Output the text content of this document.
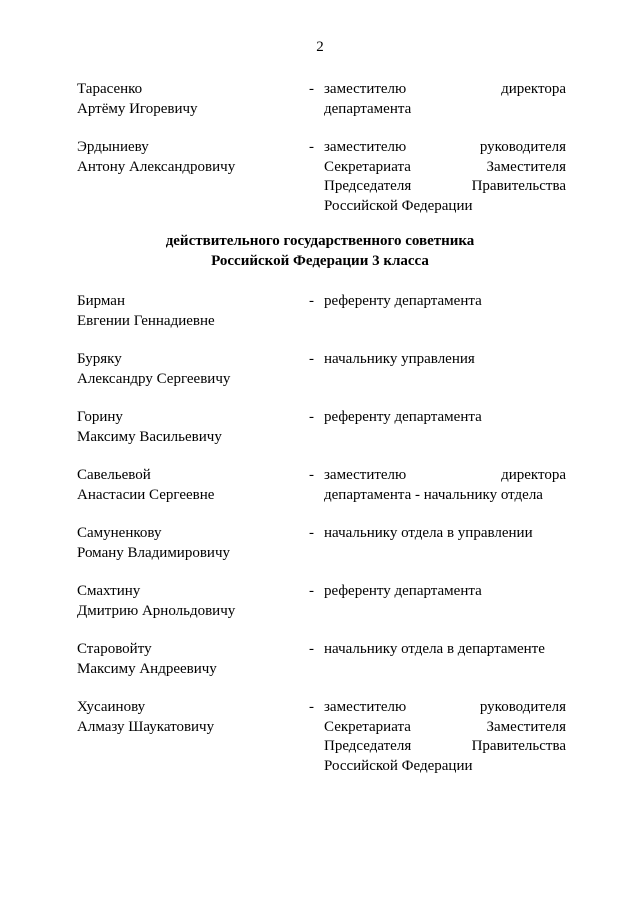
2
Тарасенко
Артёму Игоревичу
- заместителю	директора
департамента
Эрдыниеву
Антону Александровичу
- заместителю	руководителя
Секретариата	Заместителя
Председателя	Правительства
Российской Федерации
действительного государственного советника
Российской Федерации 3 класса
Бирман
Евгении Геннадиевне
- референту департамента
Буряку
Александру Сергеевичу
- начальнику управления
Горину
Максиму Васильевичу
- референту департамента
Савельевой
Анастасии Сергеевне
- заместителю	директора
департамента - начальнику отдела
Самуненкову
Роману Владимировичу
- начальнику отдела в управлении
Смахтину
Дмитрию Арнольдовичу
- референту департамента
Старовойту
Максиму Андреевичу
- начальнику отдела в департаменте
Хусаинову
Алмазу Шаукатовичу
- заместителю	руководителя
Секретариата	Заместителя
Председателя	Правительства
Российской Федерации
